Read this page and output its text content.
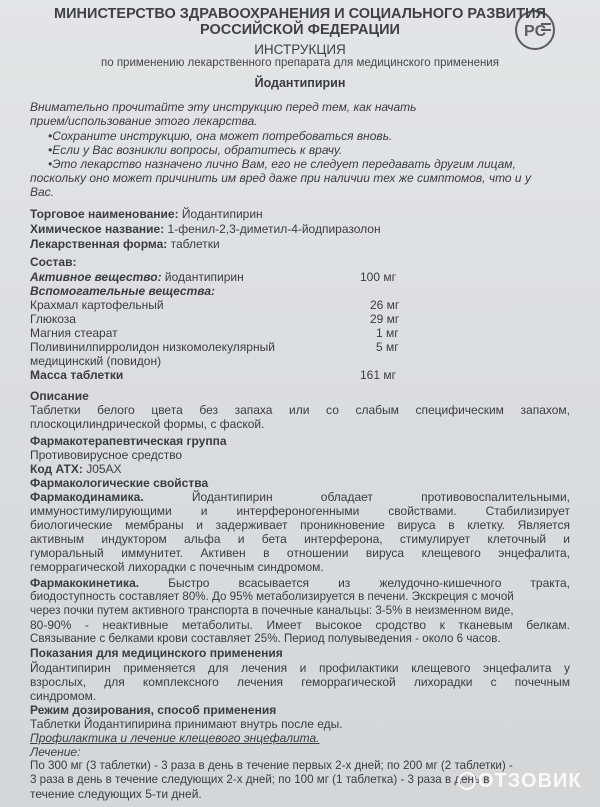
PC
МИНИСТЕРСТВО ЗДРАВООХРАНЕНИЯ И СОЦИАЛЬНОГО РАЗВИТИЯ
РОССИЙСКОЙ ФЕДЕРАЦИИ
ИНСТРУКЦИЯ
по применению лекарственного препарата для медицинского применения
Йодантипирин
Внимательно прочитайте эту инструкцию перед тем, как начать
прием/использование этого лекарства.
•Сохраните инструкцию, она может потребоваться вновь.
•Если у Вас возникли вопросы, обратитесь к врачу.
•Это лекарство назначено лично Вам, его не следует передавать другим лицам,
поскольку оно может причинить им вред даже при наличии тех же симптомов, что и у
Вас.
Торговое наименование: Йодантипирин
Химическое название: 1-фенил-2,3-диметил-4-йодпиразолон
Лекарственная форма: таблетки
Состав:
Активное вещество: йодантипирин	100 мг
Вспомогательные вещества:
Крахмал картофельный	26 мг
Глюкоза	29 мг
Магния стеарат	1 мг
Поливинилпирролидон низкомолекулярный	5 мг
медицинский (повидон)
Масса таблетки	161 мг
Описание
Таблетки белого цвета без запаха или со слабым специфическим запахом,
плоскоцилиндрической формы, с фаской.
Фармакотерапевтическая группа
Противовирусное средство
Код АТХ: J05AX
Фармакологические свойства
Фармакодинамика. Йодантипирин обладает противовоспалительными,
иммуностимулирующими и интерфероногенными свойствами. Стабилизирует
биологические мембраны и задерживает проникновение вируса в клетку. Является
активным индуктором альфа и бета интерферона, стимулирует клеточный и
гуморальный иммунитет. Активен в отношении вируса клещевого энцефалита,
геморрагической лихорадки с почечным синдромом.
Фармакокинетика. Быстро всасывается из желудочно-кишечного тракта,
биодоступность составляет 80%. До 95% метаболизируется в печени. Экскреция с мочой
через почки путем активного транспорта в почечные канальцы: 3-5% в неизменном виде,
80-90% - неактивные метаболиты. Имеет высокое сродство к тканевым белкам.
Связывание с белками крови составляет 25%. Период полувыведения - около 6 часов.
Показания для медицинского применения
Йодантипирин применяется для лечения и профилактики клещевого энцефалита у
взрослых, для комплексного лечения геморрагической лихорадки с почечным
синдромом.
Режим дозирования, способ применения
Таблетки Йодантипирина принимают внутрь после еды.
Профилактика и лечение клещевого энцефалита.
Лечение:
По 300 мг (3 таблетки) - 3 раза в день в течение первых 2-х дней; по 200 мг (2 таблетки) -
3 раза в день в течение следующих 2-х дней; по 100 мг (1 таблетка) - 3 раза в день в
течение следующих 5-ти дней.
ОТЗОВИК
